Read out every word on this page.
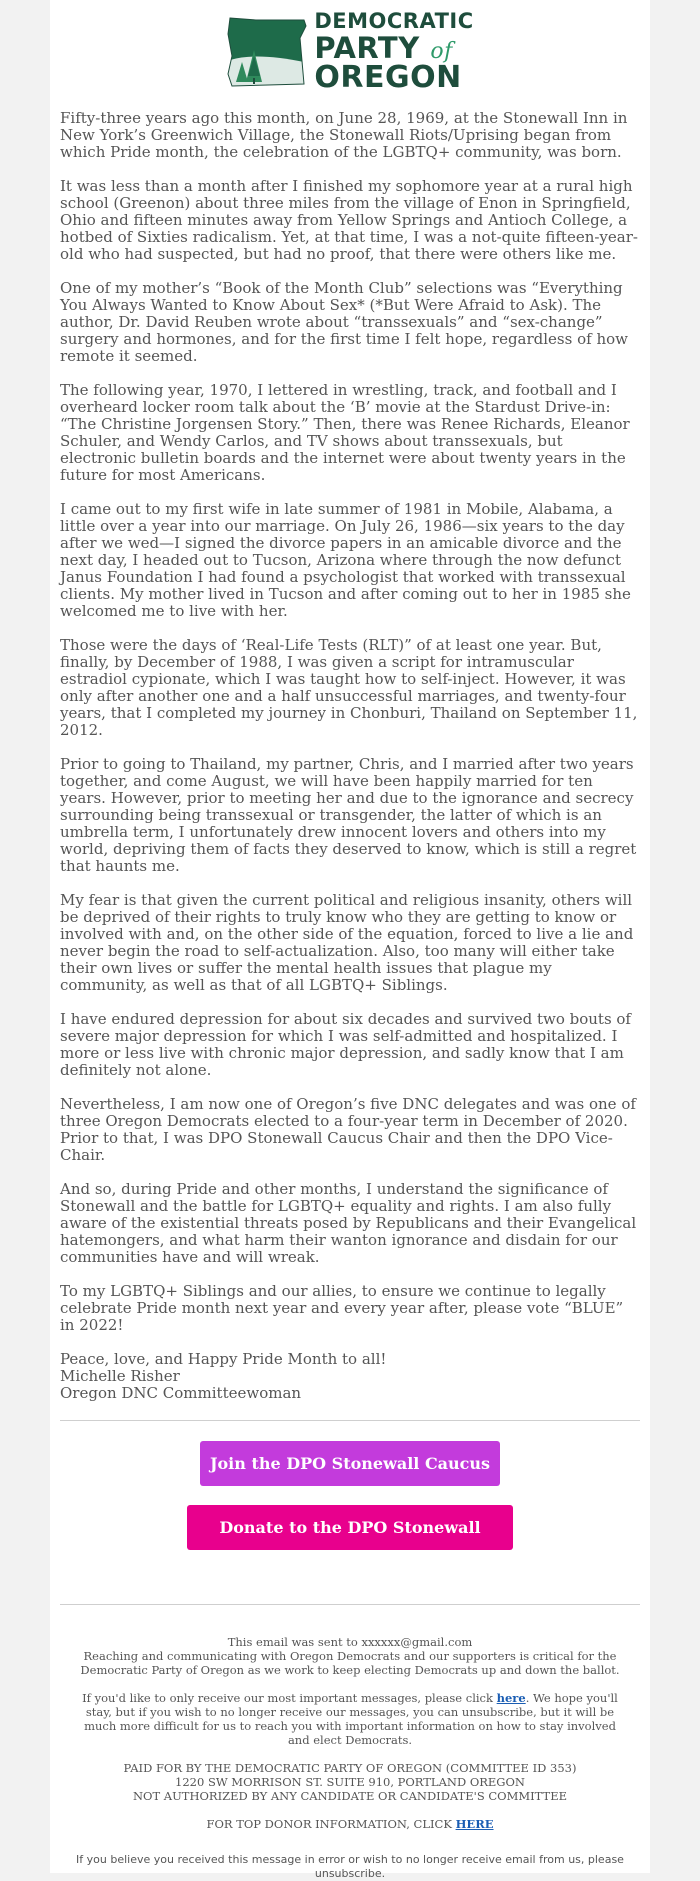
DEMOCRATIC
PARTY of
OREGON

Fifty-three years ago this month, on June 28, 1969, at the Stonewall Inn in New York’s Greenwich Village, the Stonewall Riots/Uprising began from which Pride month, the celebration of the LGBTQ+ community, was born.

It was less than a month after I finished my sophomore year at a rural high school (Greenon) about three miles from the village of Enon in Springfield, Ohio and fifteen minutes away from Yellow Springs and Antioch College, a hotbed of Sixties radicalism. Yet, at that time, I was a not-quite fifteen-year-old who had suspected, but had no proof, that there were others like me.

One of my mother’s “Book of the Month Club” selections was “Everything You Always Wanted to Know About Sex* (*But Were Afraid to Ask). The author, Dr. David Reuben wrote about “transsexuals” and “sex-change” surgery and hormones, and for the first time I felt hope, regardless of how remote it seemed.

The following year, 1970, I lettered in wrestling, track, and football and I overheard locker room talk about the ‘B’ movie at the Stardust Drive-in: “The Christine Jorgensen Story.” Then, there was Renee Richards, Eleanor Schuler, and Wendy Carlos, and TV shows about transsexuals, but electronic bulletin boards and the internet were about twenty years in the future for most Americans.

I came out to my first wife in late summer of 1981 in Mobile, Alabama, a little over a year into our marriage. On July 26, 1986—six years to the day after we wed—I signed the divorce papers in an amicable divorce and the next day, I headed out to Tucson, Arizona where through the now defunct Janus Foundation I had found a psychologist that worked with transsexual clients. My mother lived in Tucson and after coming out to her in 1985 she welcomed me to live with her.

Those were the days of ‘Real-Life Tests (RLT)” of at least one year. But, finally, by December of 1988, I was given a script for intramuscular estradiol cypionate, which I was taught how to self-inject. However, it was only after another one and a half unsuccessful marriages, and twenty-four years, that I completed my journey in Chonburi, Thailand on September 11, 2012.

Prior to going to Thailand, my partner, Chris, and I married after two years together, and come August, we will have been happily married for ten years. However, prior to meeting her and due to the ignorance and secrecy surrounding being transsexual or transgender, the latter of which is an umbrella term, I unfortunately drew innocent lovers and others into my world, depriving them of facts they deserved to know, which is still a regret that haunts me.

My fear is that given the current political and religious insanity, others will be deprived of their rights to truly know who they are getting to know or involved with and, on the other side of the equation, forced to live a lie and never begin the road to self-actualization. Also, too many will either take their own lives or suffer the mental health issues that plague my community, as well as that of all LGBTQ+ Siblings.

I have endured depression for about six decades and survived two bouts of severe major depression for which I was self-admitted and hospitalized. I more or less live with chronic major depression, and sadly know that I am definitely not alone.

Nevertheless, I am now one of Oregon’s five DNC delegates and was one of three Oregon Democrats elected to a four-year term in December of 2020. Prior to that, I was DPO Stonewall Caucus Chair and then the DPO Vice-Chair.

And so, during Pride and other months, I understand the significance of Stonewall and the battle for LGBTQ+ equality and rights. I am also fully aware of the existential threats posed by Republicans and their Evangelical hatemongers, and what harm their wanton ignorance and disdain for our communities have and will wreak.

To my LGBTQ+ Siblings and our allies, to ensure we continue to legally celebrate Pride month next year and every year after, please vote “BLUE” in 2022!

Peace, love, and Happy Pride Month to all!
Michelle Risher
Oregon DNC Committeewoman
Join the DPO Stonewall Caucus
Donate to the DPO Stonewall Caucus

This email was sent to xxxxxx@gmail.com
Reaching and communicating with Oregon Democrats and our supporters is critical for the Democratic Party of Oregon as we work to keep electing Democrats up and down the ballot.

If you'd like to only receive our most important messages, please click here. We hope you'll stay, but if you wish to no longer receive our messages, you can unsubscribe, but it will be much more difficult for us to reach you with important information on how to stay involved and elect Democrats.

PAID FOR BY THE DEMOCRATIC PARTY OF OREGON (COMMITTEE ID 353)
1220 SW MORRISON ST. SUITE 910, PORTLAND OREGON
NOT AUTHORIZED BY ANY CANDIDATE OR CANDIDATE'S COMMITTEE

FOR TOP DONOR INFORMATION, CLICK HERE

If you believe you received this message in error or wish to no longer receive email from us, please unsubscribe.
